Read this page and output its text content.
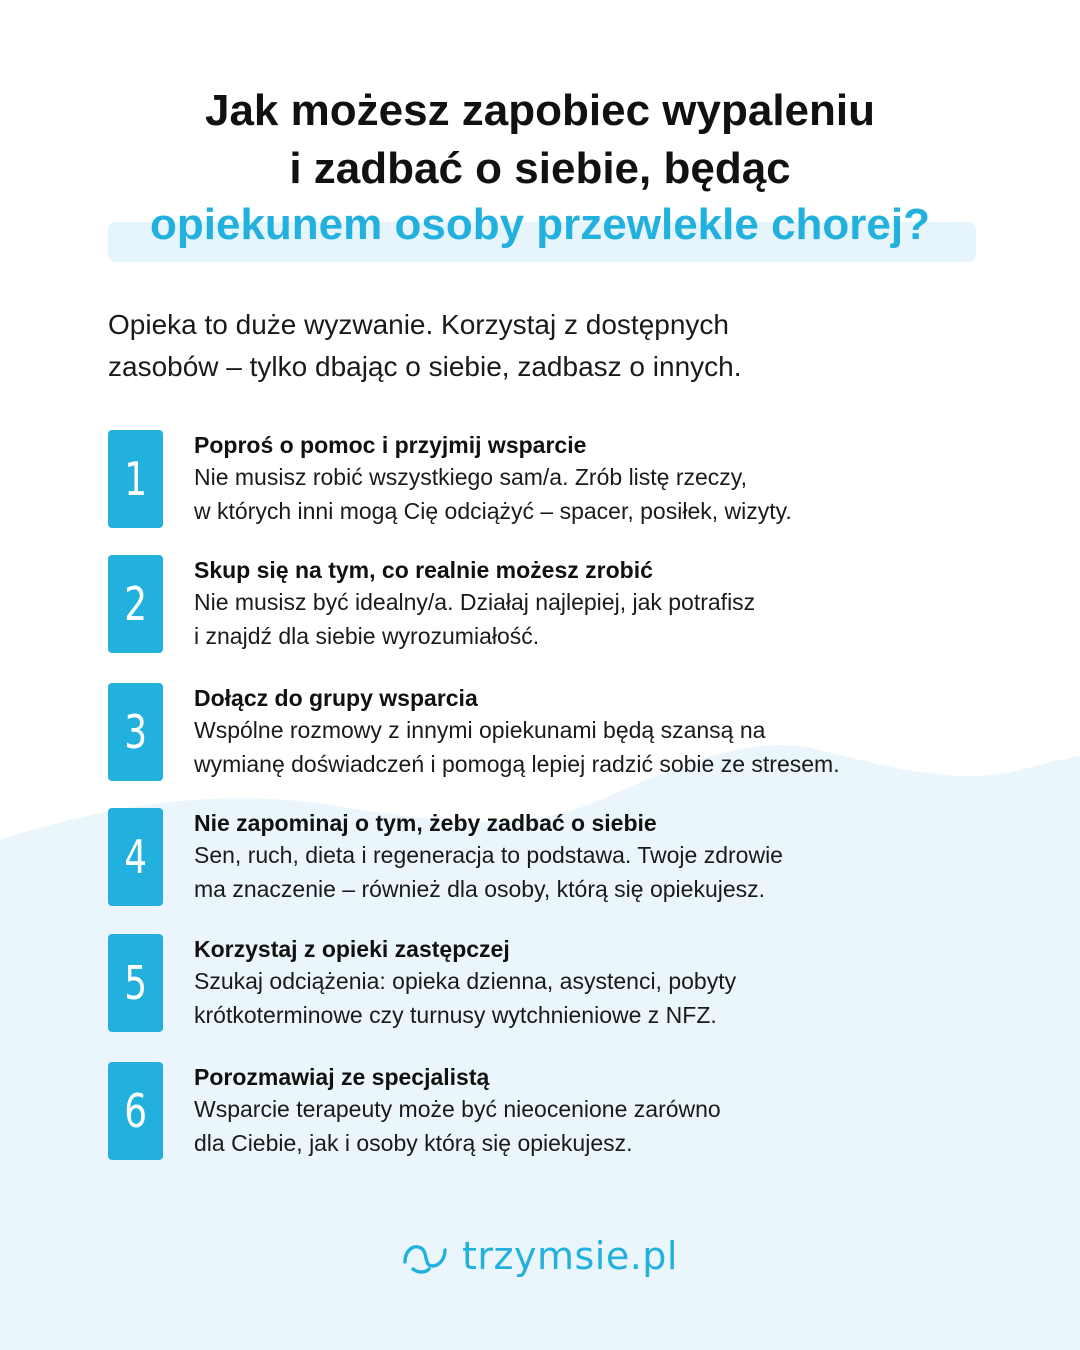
Jak możesz zapobiec wypaleniu
i zadbać o siebie, będąc
opiekunem osoby przewlekle chorej?
Opieka to duże wyzwanie. Korzystaj z dostępnych
zasobów – tylko dbając o siebie, zadbasz o innych.
1
Poproś o pomoc i przyjmij wsparcie
Nie musisz robić wszystkiego sam/a. Zrób listę rzeczy,
w których inni mogą Cię odciążyć – spacer, posiłek, wizyty.
2
Skup się na tym, co realnie możesz zrobić
Nie musisz być idealny/a. Działaj najlepiej, jak potrafisz
i znajdź dla siebie wyrozumiałość.
3
Dołącz do grupy wsparcia
Wspólne rozmowy z innymi opiekunami będą szansą na
wymianę doświadczeń i pomogą lepiej radzić sobie ze stresem.
4
Nie zapominaj o tym, żeby zadbać o siebie
Sen, ruch, dieta i regeneracja to podstawa. Twoje zdrowie
ma znaczenie – również dla osoby, którą się opiekujesz.
5
Korzystaj z opieki zastępczej
Szukaj odciążenia: opieka dzienna, asystenci, pobyty
krótkoterminowe czy turnusy wytchnieniowe z NFZ.
6
Porozmawiaj ze specjalistą
Wsparcie terapeuty może być nieocenione zarówno
dla Ciebie, jak i osoby którą się opiekujesz.
trzymsie.pl
